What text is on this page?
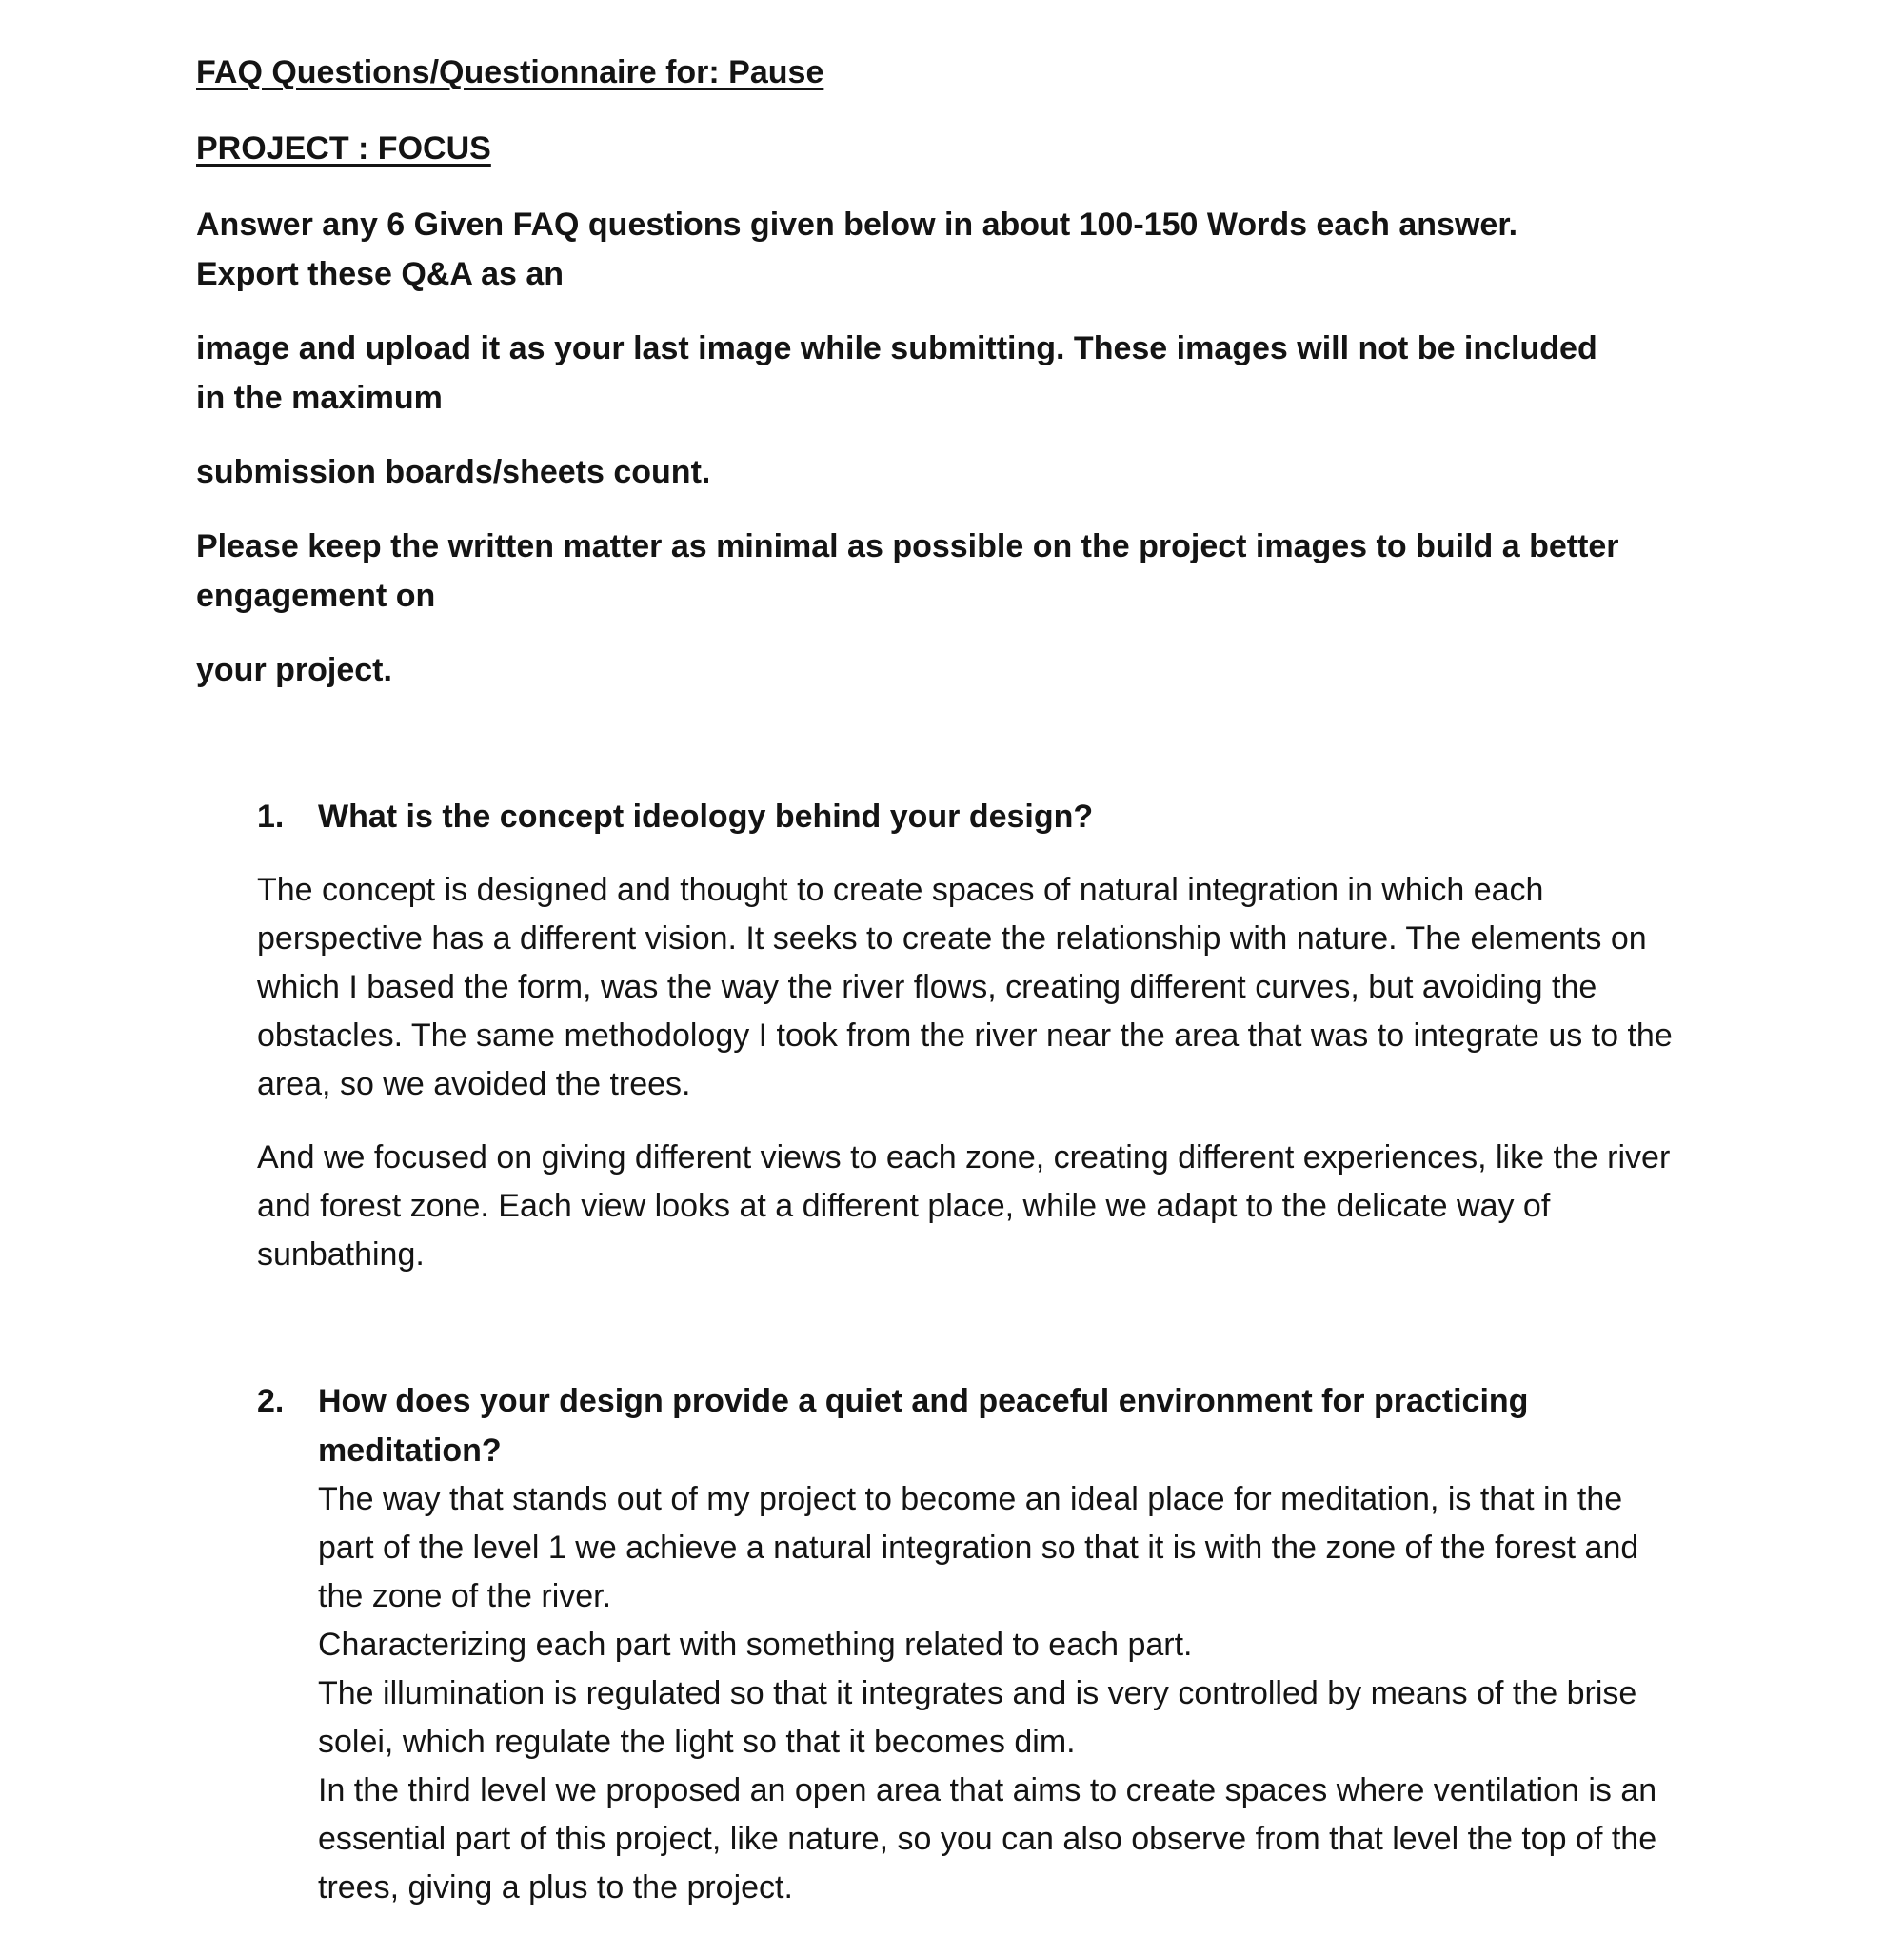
FAQ Questions/Questionnaire for: Pause
PROJECT : FOCUS

Answer any 6 Given FAQ questions given below in about 100-150 Words each answer. Export these Q&A as an

image and upload it as your last image while submitting. These images will not be included in the maximum

submission boards/sheets count.

Please keep the written matter as minimal as possible on the project images to build a better engagement on

your project.

1.	What is the concept ideology behind your design?

The concept is designed and thought to create spaces of natural integration in which each perspective has a different vision. It seeks to create the relationship with nature. The elements on which I based the form, was the way the river flows, creating different curves, but avoiding the obstacles. The same methodology I took from the river near the area that was to integrate us to the area, so we avoided the trees.

And we focused on giving different views to each zone, creating different experiences, like the river and forest zone. Each view looks at a different place, while we adapt to the delicate way of sunbathing.

2.	How does your design provide a quiet and peaceful environment for practicing meditation?

The way that stands out of my project to become an ideal place for meditation, is that in the part of the level 1 we achieve a natural integration so that it is with the zone of the forest and the zone of the river.

Characterizing each part with something related to each part.

The illumination is regulated so that it integrates and is very controlled by means of the brise solei, which regulate the light so that it becomes dim.

In the third level we proposed an open area that aims to create spaces where ventilation is an essential part of this project, like nature, so you can also observe from that level the top of the trees, giving a plus to the project.
